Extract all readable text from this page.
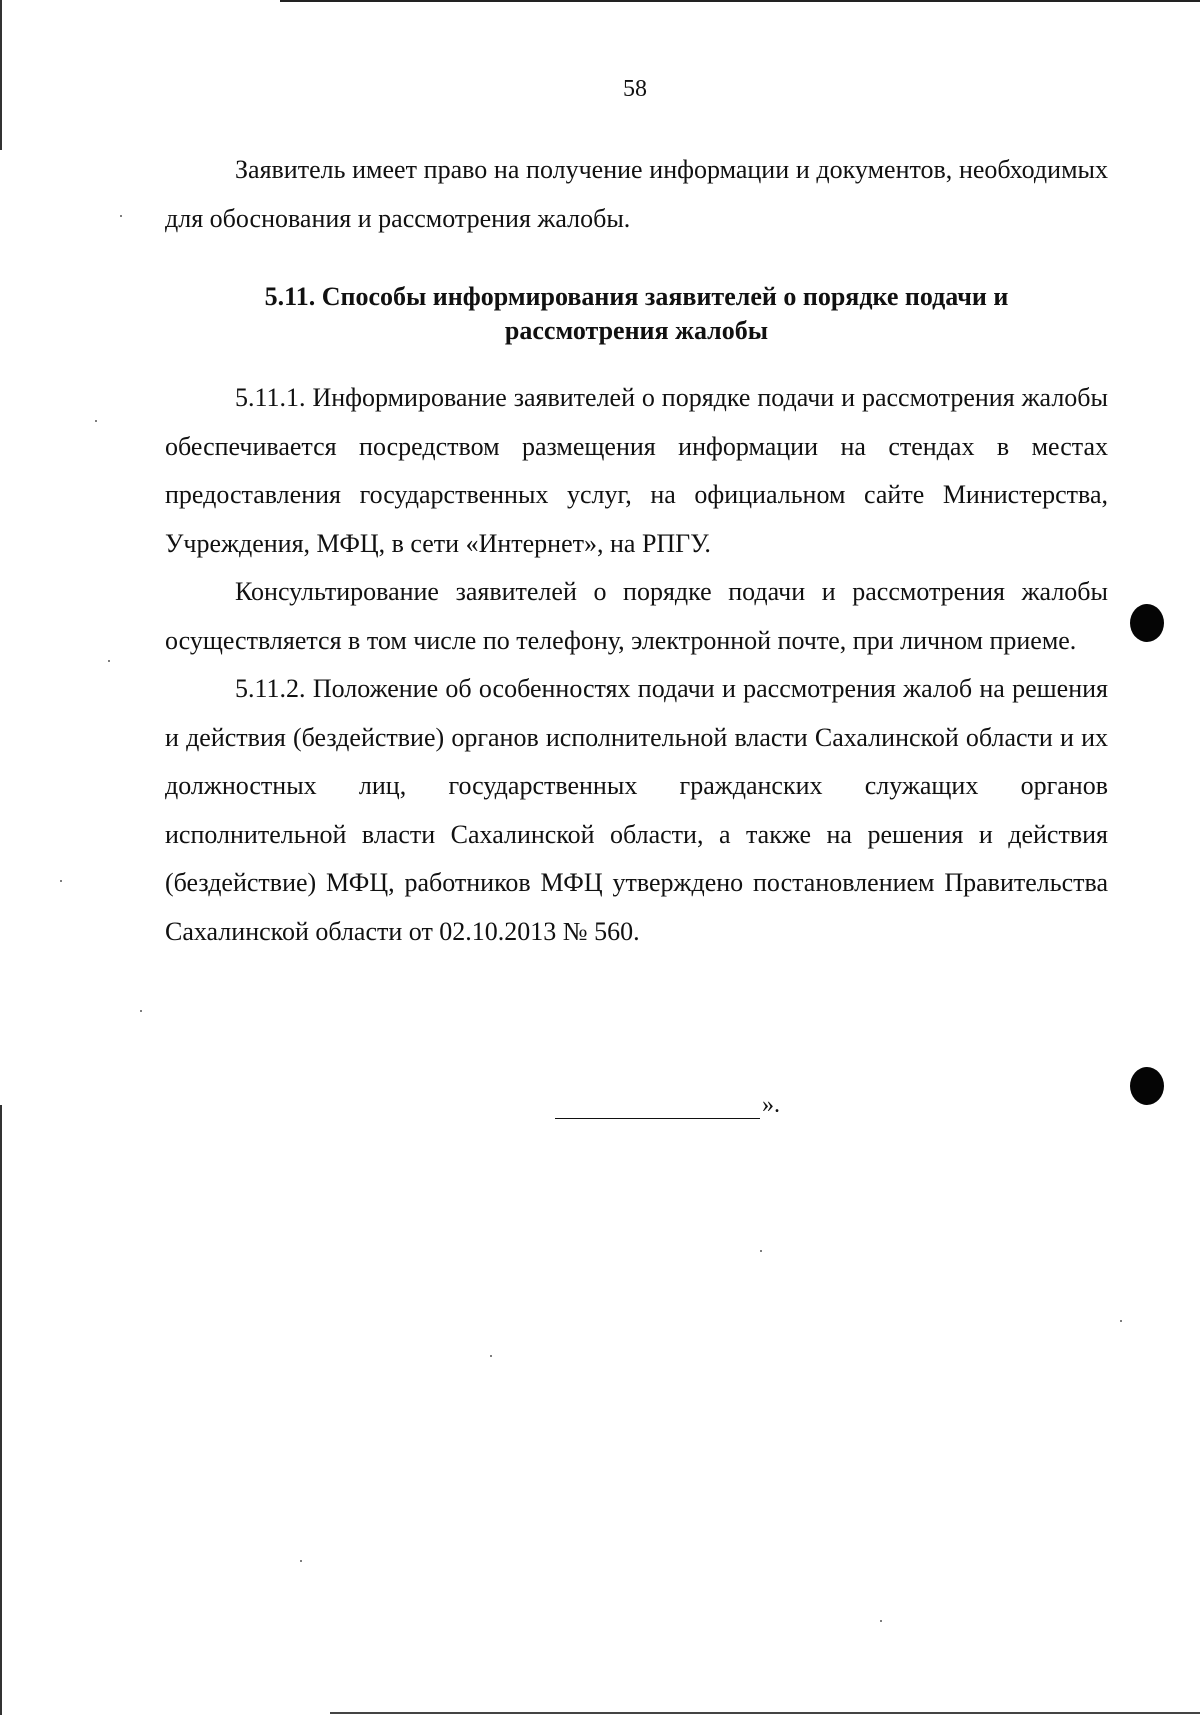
58

Заявитель имеет право на получение информации и документов, необходимых для обоснования и рассмотрения жалобы.

5.11. Способы информирования заявителей о порядке подачи и
рассмотрения жалобы

5.11.1. Информирование заявителей о порядке подачи и рассмотрения жалобы обеспечивается посредством размещения информации на стендах в местах предоставления государственных услуг, на официальном сайте Министерства, Учреждения, МФЦ, в сети «Интернет», на РПГУ.

Консультирование заявителей о порядке подачи и рассмотрения жалобы осуществляется в том числе по телефону, электронной почте, при личном приеме.

5.11.2. Положение об особенностях подачи и рассмотрения жалоб на решения и действия (бездействие) органов исполнительной власти Сахалинской области и их должностных лиц, государственных гражданских служащих органов исполнительной власти Сахалинской области, а также на решения и действия (бездействие) МФЦ, работников МФЦ утверждено постановлением Правительства Сахалинской области от 02.10.2013 № 560.

».
